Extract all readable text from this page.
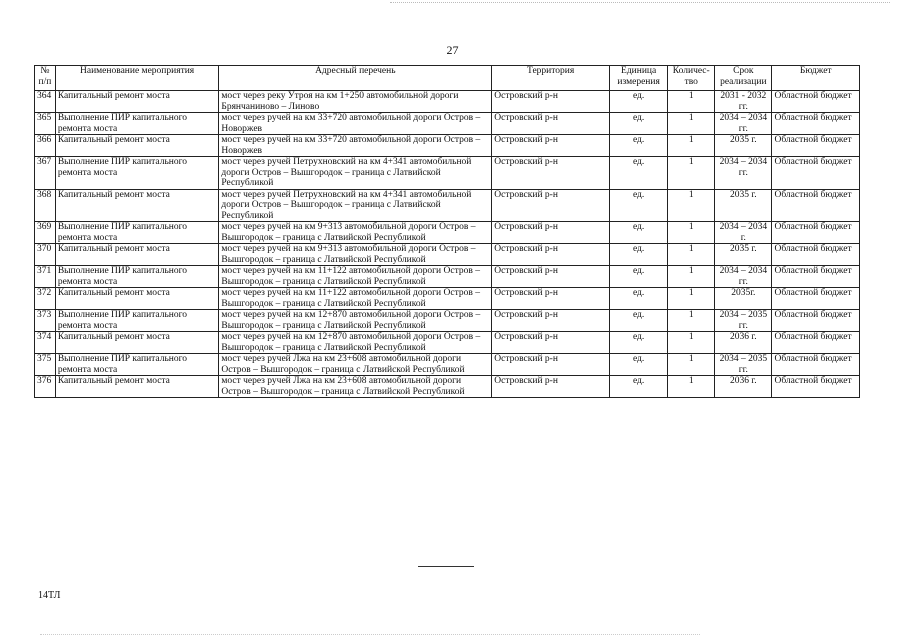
27
№ п/п	Наименование мероприятия	Адресный перечень	Территория	Единица измерения	Количес-тво	Срок реализации	Бюджет
364	Капитальный ремонт моста	мост через реку Утроя на км 1+250 автомобильной дороги Брянчаниново – Линово	Островский р-н	ед.	1	2031 - 2032 гг.	Областной бюджет
365	Выполнение ПИР капитального ремонта моста	мост через ручей на км 33+720 автомобильной дороги Остров – Новоржев	Островский р-н	ед.	1	2034 – 2034 гг.	Областной бюджет
366	Капитальный ремонт моста	мост через ручей на км 33+720 автомобильной дороги Остров – Новоржев	Островский р-н	ед.	1	2035 г.	Областной бюджет
367	Выполнение ПИР капитального ремонта моста	мост через ручей Петрухновский на км 4+341 автомобильной дороги Остров – Вышгородок – граница с Латвийской Республикой	Островский р-н	ед.	1	2034 – 2034 гг.	Областной бюджет
368	Капитальный ремонт моста	мост через ручей Петрухновский на км 4+341 автомобильной дороги Остров – Вышгородок – граница с Латвийской Республикой	Островский р-н	ед.	1	2035 г.	Областной бюджет
369	Выполнение ПИР капитального ремонта моста	мост через ручей на км 9+313 автомобильной дороги Остров – Вышгородок – граница с Латвийской Республикой	Островский р-н	ед.	1	2034 – 2034 г.	Областной бюджет
370	Капитальный ремонт моста	мост через ручей на км 9+313 автомобильной дороги Остров – Вышгородок – граница с Латвийской Республикой	Островский р-н	ед.	1	2035 г.	Областной бюджет
371	Выполнение ПИР капитального ремонта моста	мост через ручей на км 11+122 автомобильной дороги Остров – Вышгородок – граница с Латвийской Республикой	Островский р-н	ед.	1	2034 – 2034 гг.	Областной бюджет
372	Капитальный ремонт моста	мост через ручей на км 11+122 автомобильной дороги Остров – Вышгородок – граница с Латвийской Республикой	Островский р-н	ед.	1	2035г.	Областной бюджет
373	Выполнение ПИР капитального ремонта моста	мост через ручей на км 12+870 автомобильной дороги Остров – Вышгородок – граница с Латвийской Республикой	Островский р-н	ед.	1	2034 – 2035 гг.	Областной бюджет
374	Капитальный ремонт моста	мост через ручей на км 12+870 автомобильной дороги Остров – Вышгородок – граница с Латвийской Республикой	Островский р-н	ед.	1	2036 г.	Областной бюджет
375	Выполнение ПИР капитального ремонта моста	мост через ручей Лжа на км 23+608 автомобильной дороги Остров – Вышгородок – граница с Латвийской Республикой	Островский р-н	ед.	1	2034 – 2035 гг.	Областной бюджет
376	Капитальный ремонт моста	мост через ручей Лжа на км 23+608 автомобильной дороги Остров – Вышгородок – граница с Латвийской Республикой	Островский р-н	ед.	1	2036 г.	Областной бюджет
14ТЛ
